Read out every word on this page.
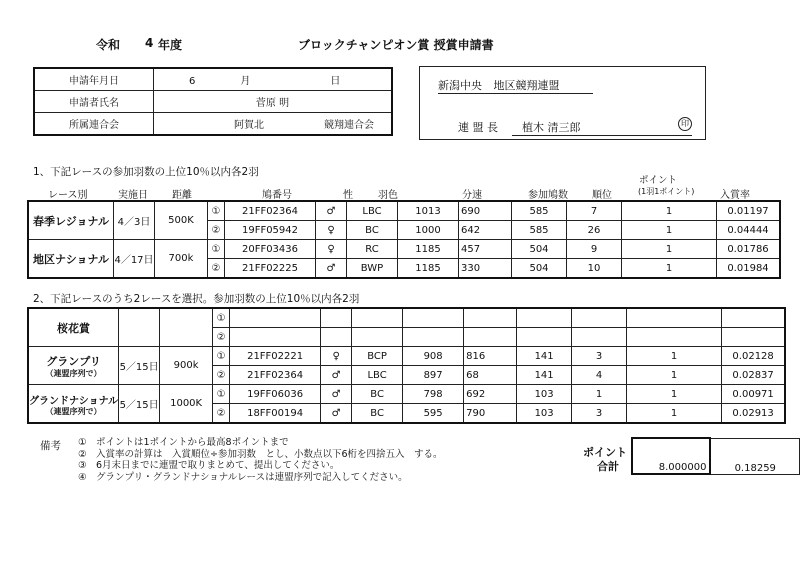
令和 4 年度	ブロックチャンピオン賞 授賞申請書
申請年月日	6 月 日
申請者氏名	菅原 明
所属連合会	阿賀北 競翔連合会
新潟中央 地区競翔連盟
連 盟 長	植木 清三郎	印
1、下記レースの参加羽数の上位10％以内各2羽
ポイント
(1羽1ポイント)
レース別	実施日 距離	鳩番号	性	羽色	分速	参加鳩数 順位	入賞率
春季レジョナル	4／3日	500K	①	21FF02364	♂	LBC	1013	690	585	7	1	0.01197
			②	19FF05942	♀	BC	1000	642	585	26	1	0.04444
地区ナショナル	4／17日	700k	①	20FF03436	♀	RC	1185	457	504	9	1	0.01786
			②	21FF02225	♂	BWP	1185	330	504	10	1	0.01984
2、下記レースのうち2レースを選択。参加羽数の上位10％以内各2羽
桜花賞			①									
			②									

グランプリ
（連盟序列で）	5／15日	900k	①	21FF02221	♀	BCP	908	816	141	3	1	0.02128
			②	21FF02364	♂	LBC	897	68	141	4	1	0.02837

グランドナショナル
（連盟序列で）	5／15日	1000K	①	19FF06036	♂	BC	798	692	103	1	1	0.00971
			②	18FF00194	♂	BC	595	790	103	3	1	0.02913
備考 ①　ポイントは1ポイントから最高8ポイントまで
②　入賞率の計算は　入賞順位÷参加羽数　とし、小数点以下6桁を四捨五入　する。
③　6月末日までに連盟で取りまとめて、提出してください。
④　グランプリ・グランドナショナルレースは連盟序列で記入してください。
ポイント
合計	8.000000	0.18259
